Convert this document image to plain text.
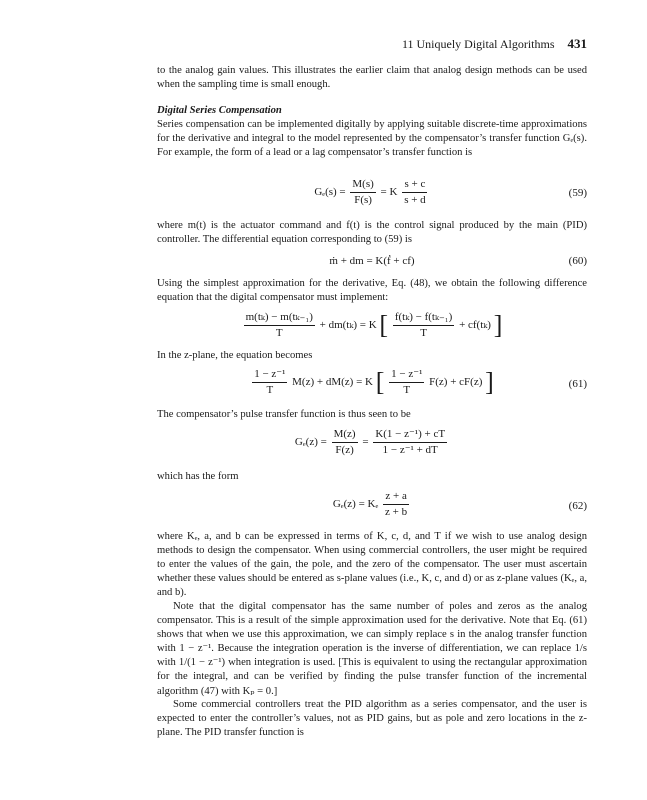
11 Uniquely Digital Algorithms 431

to the analog gain values. This illustrates the earlier claim that analog design methods can be used when the sampling time is small enough.

Digital Series Compensation

Series compensation can be implemented digitally by applying suitable discrete-time approximations for the derivative and integral to the model represented by the compensator’s transfer function Gₑ(s). For example, the form of a lead or a lag compensator’s transfer function is

$G_e(s) = \frac{M(s)}{F(s)} = K \frac{s + c}{s + d}$	(59)

where m(t) is the actuator command and f(t) is the control signal produced by the main (PID) controller. The differential equation corresponding to (59) is

ṁ + dm = K(ḟ + cf)	(60)

Using the simplest approximation for the derivative, Eq. (48), we obtain the following difference equation that the digital compensator must implement:

$\frac{\text{m(tₖ) − m(tₖ₋₁)}}{T} + dm(t_k) = K$ [ $\frac{\text{f(tₖ) − f(tₖ₋₁)}}{T} + cf(t_k)$ ]

In the z-plane, the equation becomes

$\frac{\text{1 − z⁻¹}}{T} M(z) + dM(z) = K$ [ $\frac{\text{1 − z⁻¹}}{T} F(z) + cF(z)$ ]	(61)

The compensator’s pulse transfer function is thus seen to be

$G_e(z) = \frac{M(z)}{F(z)} = \frac{\text{K(1 − z⁻¹) + cT}}{\text{1 − z⁻¹ + dT}}$

which has the form

Gₑ(z) = Kₑ $\frac{z + a}{z + b}$	(62)

where Kₑ, a, and b can be expressed in terms of K, c, d, and T if we wish to use analog design methods to design the compensator. When using commercial controllers, the user might be required to enter the values of the gain, the pole, and the zero of the compensator. The user must ascertain whether these values should be entered as s-plane values (i.e., K, c, and d) or as z-plane values (Kₑ, a, and b).

Note that the digital compensator has the same number of poles and zeros as the analog compensator. This is a result of the simple approximation used for the derivative. Note that Eq. (61) shows that when we use this approximation, we can simply replace s in the analog transfer function with 1 − z⁻¹. Because the integration operation is the inverse of differentiation, we can replace 1/s with 1/(1 − z⁻¹) when integration is used. [This is equivalent to using the rectangular approximation for the integral, and can be verified by finding the pulse transfer function of the incremental algorithm (47) with Kₚ = 0.]

Some commercial controllers treat the PID algorithm as a series compensator, and the user is expected to enter the controller’s values, not as PID gains, but as pole and zero locations in the z-plane. The PID transfer function is
